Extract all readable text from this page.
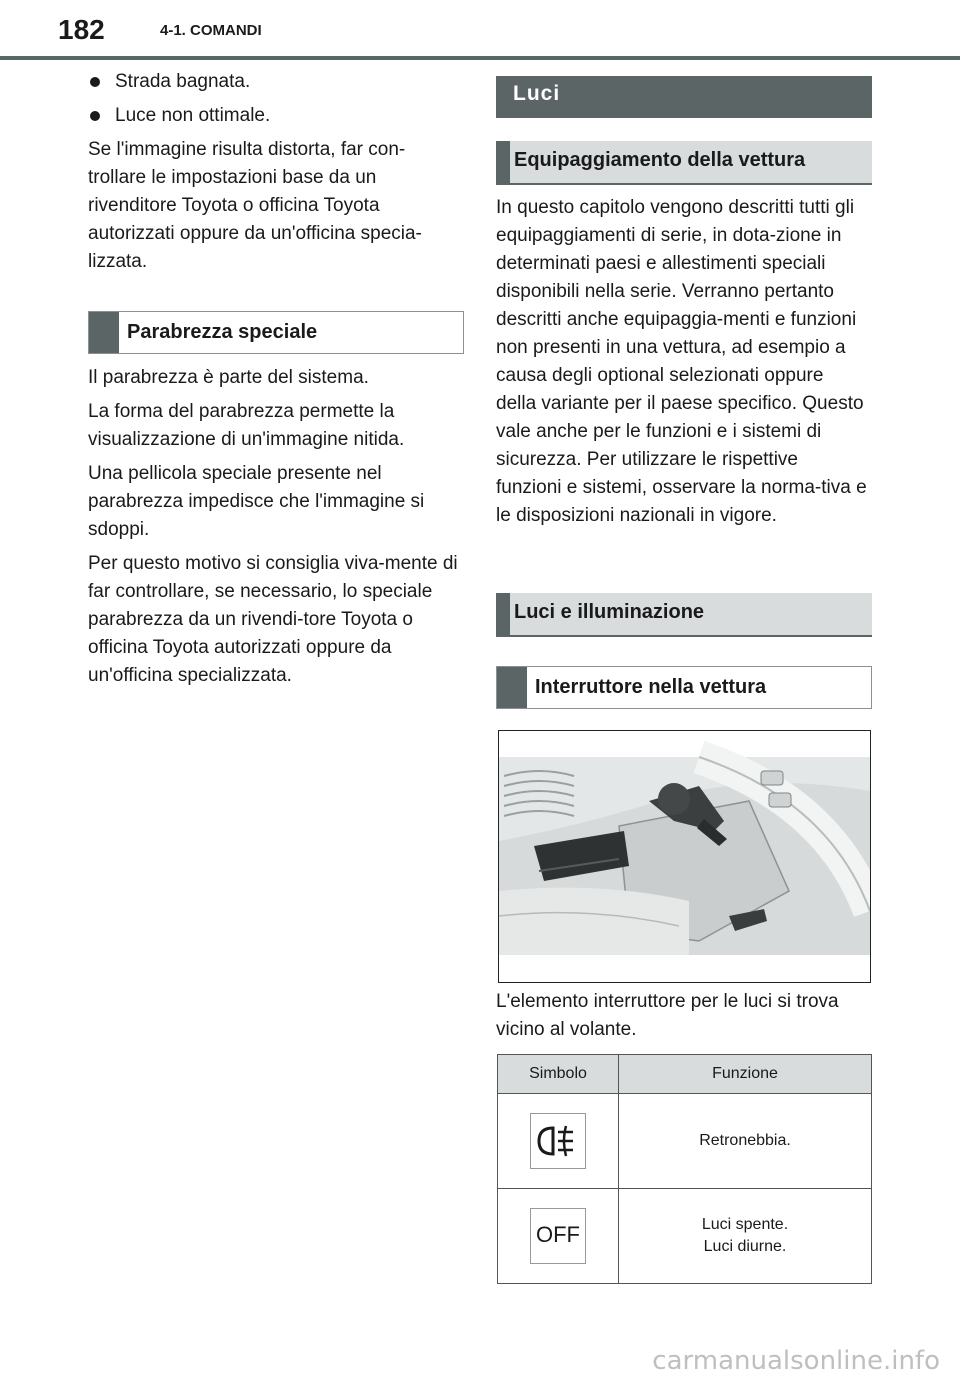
182	4-1. COMANDI
Strada bagnata.
Luce non ottimale.

Se l'immagine risulta distorta, far con-trollare le impostazioni base da un rivenditore Toyota o officina Toyota autorizzati oppure da un'officina specia-lizzata.

Parabrezza speciale

Il parabrezza è parte del sistema.

La forma del parabrezza permette la visualizzazione di un'immagine nitida.

Una pellicola speciale presente nel parabrezza impedisce che l'immagine si sdoppi.

Per questo motivo si consiglia viva-mente di far controllare, se necessario, lo speciale parabrezza da un rivendi-tore Toyota o officina Toyota autorizzati oppure da un'officina specializzata.

Luci
Equipaggiamento della vettura

In questo capitolo vengono descritti tutti gli equipaggiamenti di serie, in dota-zione in determinati paesi e allestimenti speciali disponibili nella serie. Verranno pertanto descritti anche equipaggia-menti e funzioni non presenti in una vettura, ad esempio a causa degli optional selezionati oppure della variante per il paese specifico. Questo vale anche per le funzioni e i sistemi di sicurezza. Per utilizzare le rispettive funzioni e sistemi, osservare la norma-tiva e le disposizioni nazionali in vigore.

Luci e illuminazione
Interruttore nella vettura
L'elemento interruttore per le luci si trova vicino al volante.
Simbolo	Funzione

Retronebbia.

OFF	Luci spente.
Luci diurne.
carmanualsonline.info
